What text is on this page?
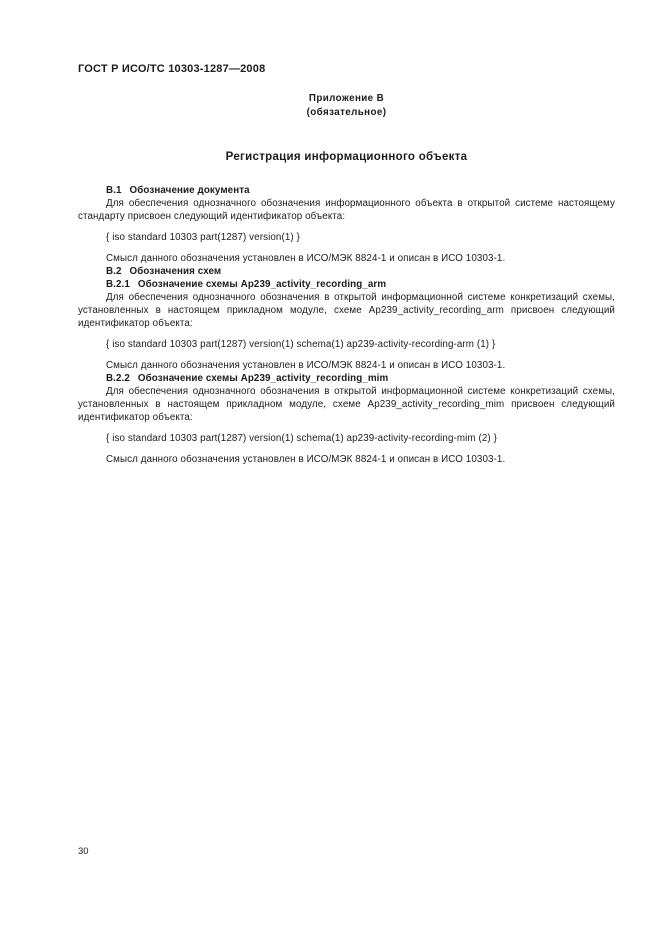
ГОСТ Р ИСО/ТС 10303-1287—2008
Приложение В
(обязательное)
Регистрация информационного объекта
В.1 Обозначение документа
Для обеспечения однозначного обозначения информационного объекта в открытой системе настоящему стандарту присвоен следующий идентификатор объекта:
{ iso standard 10303 part(1287) version(1) }
Смысл данного обозначения установлен в ИСО/МЭК 8824-1 и описан в ИСО 10303-1.
В.2 Обозначения схем
В.2.1 Обозначение схемы Ap239_activity_recording_arm
Для обеспечения однозначного обозначения в открытой информационной системе конкретизаций схемы, установленных в настоящем прикладном модуле, схеме Ap239_activity_recording_arm присвоен следующий идентификатор объекта:
{ iso standard 10303 part(1287) version(1) schema(1) ap239-activity-recording-arm (1) }
Смысл данного обозначения установлен в ИСО/МЭК 8824-1 и описан в ИСО 10303-1.
В.2.2 Обозначение схемы Ap239_activity_recording_mim
Для обеспечения однозначного обозначения в открытой информационной системе конкретизаций схемы, установленных в настоящем прикладном модуле, схеме Ap239_activity_recording_mim присвоен следующий идентификатор объекта:
{ iso standard 10303 part(1287) version(1) schema(1) ap239-activity-recording-mim (2) }
Смысл данного обозначения установлен в ИСО/МЭК 8824-1 и описан в ИСО 10303-1.
30
